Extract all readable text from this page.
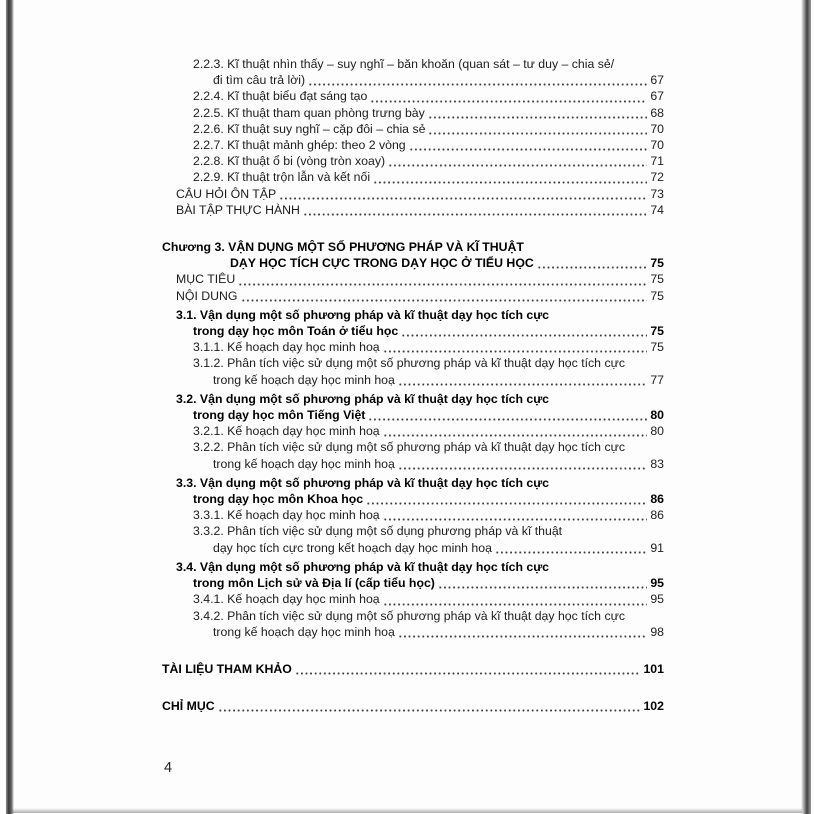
2.2.3. Kĩ thuật nhìn thấy – suy nghĩ – băn khoăn (quan sát – tư duy – chia sẻ/
đi tìm câu trả lời)	67
2.2.4. Kĩ thuật biểu đạt sáng tạo	67
2.2.5. Kĩ thuật tham quan phòng trưng bày	68
2.2.6. Kĩ thuật suy nghĩ – cặp đôi – chia sẻ	70
2.2.7. Kĩ thuật mảnh ghép: theo 2 vòng	70
2.2.8. Kĩ thuật ổ bi (vòng tròn xoay)	71
2.2.9. Kĩ thuật trộn lẫn và kết nối	72
CÂU HỎI ÔN TẬP	73
BÀI TẬP THỰC HÀNH	74
Chương 3. VẬN DỤNG MỘT SỐ PHƯƠNG PHÁP VÀ KĨ THUẬT
DẠY HỌC TÍCH CỰC TRONG DẠY HỌC Ở TIỂU HỌC	75
MỤC TIÊU	75
NỘI DUNG	75
3.1. Vận dụng một số phương pháp và kĩ thuật dạy học tích cực
trong dạy học môn Toán ở tiểu học	75
3.1.1. Kế hoạch dạy học minh hoạ	75
3.1.2. Phân tích việc sử dụng một số phương pháp và kĩ thuật dạy học tích cực
trong kế hoạch dạy học minh hoạ	77
3.2. Vận dụng một số phương pháp và kĩ thuật dạy học tích cực
trong dạy học môn Tiếng Việt	80
3.2.1. Kế hoạch dạy học minh hoạ	80
3.2.2. Phân tích việc sử dụng một số phương pháp và kĩ thuật dạy học tích cực
trong kế hoạch dạy học minh hoạ	83
3.3. Vận dụng một số phương pháp và kĩ thuật dạy học tích cực
trong dạy học môn Khoa học	86
3.3.1. Kế hoạch dạy học minh hoạ	86
3.3.2. Phân tích việc sử dụng một số dụng phương pháp và kĩ thuật
dạy học tích cực trong kết hoạch dạy học minh hoạ	91
3.4. Vận dụng một số phương pháp và kĩ thuật dạy học tích cực
trong môn Lịch sử và Địa lí (cấp tiểu học)	95
3.4.1. Kế hoạch dạy học minh hoạ	95
3.4.2. Phân tích việc sử dụng một số phương pháp và kĩ thuật dạy học tích cực
trong kế hoạch dạy học minh hoạ	98
TÀI LIỆU THAM KHẢO	101
CHỈ MỤC	102
4
